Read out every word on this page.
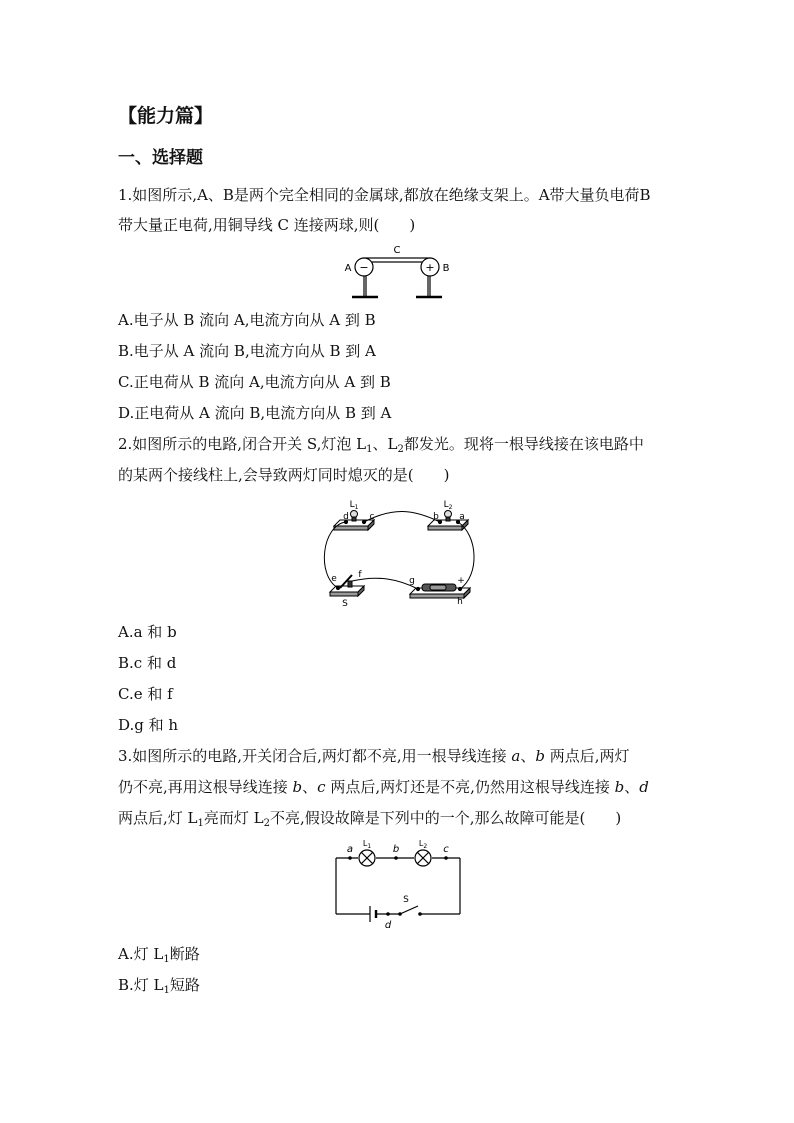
【能力篇】
一、选择题
1.如图所示,A、B是两个完全相同的金属球,都放在绝缘支架上。A带大量负电荷B
带大量正电荷,用铜导线 C 连接两球,则(　　)
C
A	B
−	+
A.电子从 B 流向 A,电流方向从 A 到 B
B.电子从 A 流向 B,电流方向从 B 到 A
C.正电荷从 B 流向 A,电流方向从 A 到 B
D.正电荷从 A 流向 B,电流方向从 B 到 A
2.如图所示的电路,闭合开关 S,灯泡 $L_1$、$L_2$都发光。现将一根导线接在该电路中
的某两个接线柱上,会导致两灯同时熄灭的是(　　)
$L_1$	$L_2$
d c	b a
e f
g
h
S
+
A.a 和 b
B.c 和 d
C.e 和 f
D.g 和 h
3.如图所示的电路,开关闭合后,两灯都不亮,用一根导线连接 a、b 两点后,两灯
仍不亮,再用这根导线连接 b、c 两点后,两灯还是不亮,仍然用这根导线连接 b、d
两点后,灯 $L_1$亮而灯 $L_2$不亮,假设故障是下列中的一个,那么故障可能是(　　)
a	b	c
d
S
$L_1$	$L_2$
A.灯 $L_1$断路
B.灯 $L_1$短路
